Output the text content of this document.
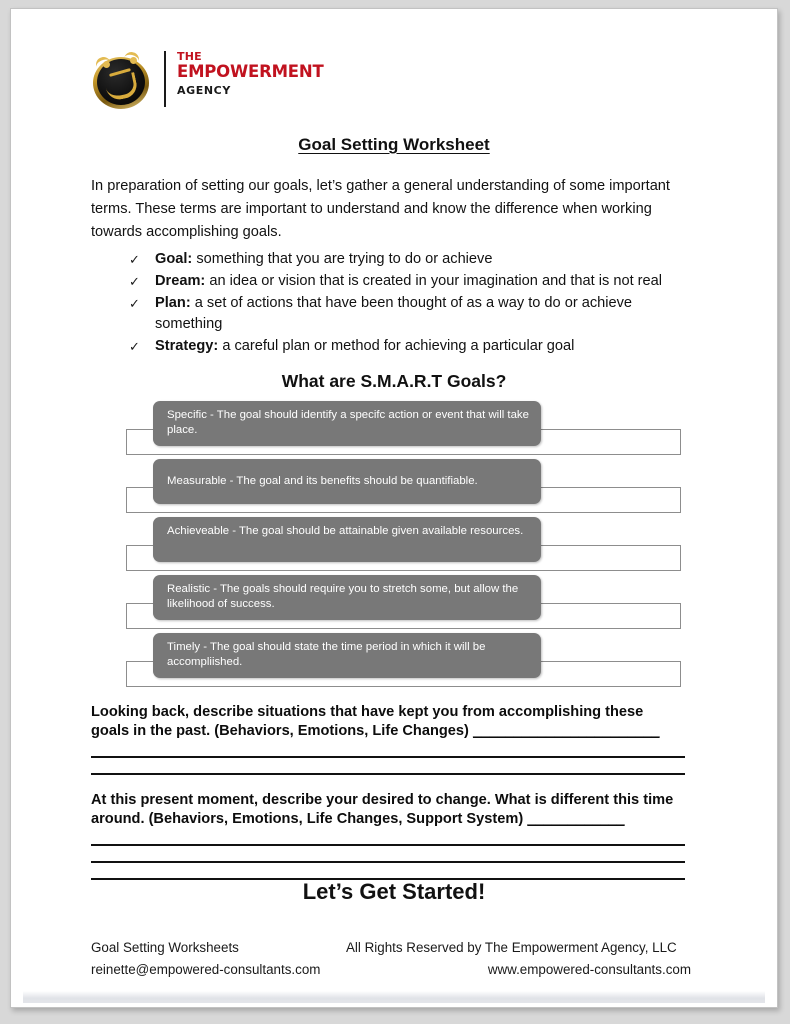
THE
EMPOWERMENT
AGENCY
Goal Setting Worksheet
In preparation of setting our goals, let’s gather a general understanding of some important terms. These terms are important to understand and know the difference when working towards accomplishing goals.
✓	Goal: something that you are trying to do or achieve
✓	Dream: an idea or vision that is created in your imagination and that is not real
✓	Plan: a set of actions that have been thought of as a way to do or achieve something
✓	Strategy: a careful plan or method for achieving a particular goal
What are S.M.A.R.T Goals?
Specific - The goal should identify a specifc action or event that will take place.
Measurable - The goal and its benefits should be quantifiable.
Achieveable - The goal should be attainable given available resources.
Realistic - The goals should require you to stretch some, but allow the likelihood of success.
Timely - The goal should state the time period in which it will be accompliished.
Looking back, describe situations that have kept you from accomplishing these goals in the past. (Behaviors, Emotions, Life Changes) _______________________
At this present moment, describe your desired to change. What is different this time around. (Behaviors, Emotions, Life Changes, Support System) ____________
Let’s Get Started!
Goal Setting Worksheets	All Rights Reserved by The Empowerment Agency, LLC
reinette@empowered-consultants.com	www.empowered-consultants.com
